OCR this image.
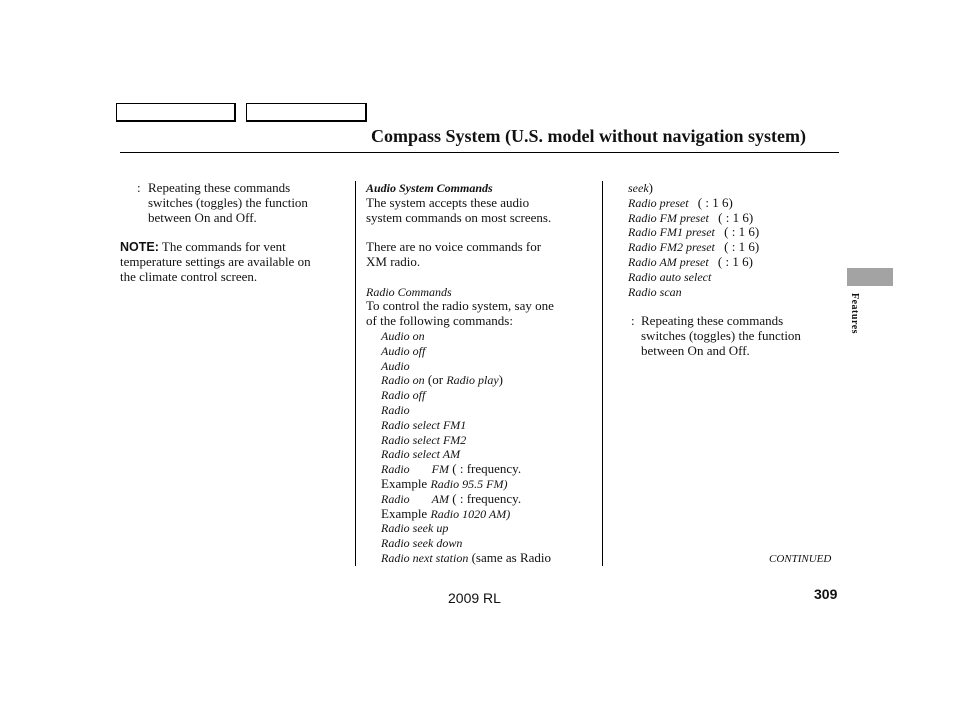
Compass System (U.S. model without navigation system)
: Repeating these commands
switches (toggles) the function
between On and Off.
NOTE: The commands for vent
temperature settings are available on
the climate control screen.
Audio System Commands
The system accepts these audio
system commands on most screens.
There are no voice commands for
XM radio.
Radio Commands
To control the radio system, say one
of the following commands:
Audio on
Audio off
Audio
Radio on (or Radio play)
Radio off
Radio
Radio select FM1
Radio select FM2
Radio select AM
Radio FM ( : frequency.
Example Radio 95.5 FM)
Radio AM ( : frequency.
Example Radio 1020 AM)
Radio seek up
Radio seek down
Radio next station (same as Radio
seek)
Radio preset ( : 1 6)
Radio FM preset ( : 1 6)
Radio FM1 preset ( : 1 6)
Radio FM2 preset ( : 1 6)
Radio AM preset ( : 1 6)
Radio auto select
Radio scan
: Repeating these commands
switches (toggles) the function
between On and Off.
Features
CONTINUED
2009 RL	309
